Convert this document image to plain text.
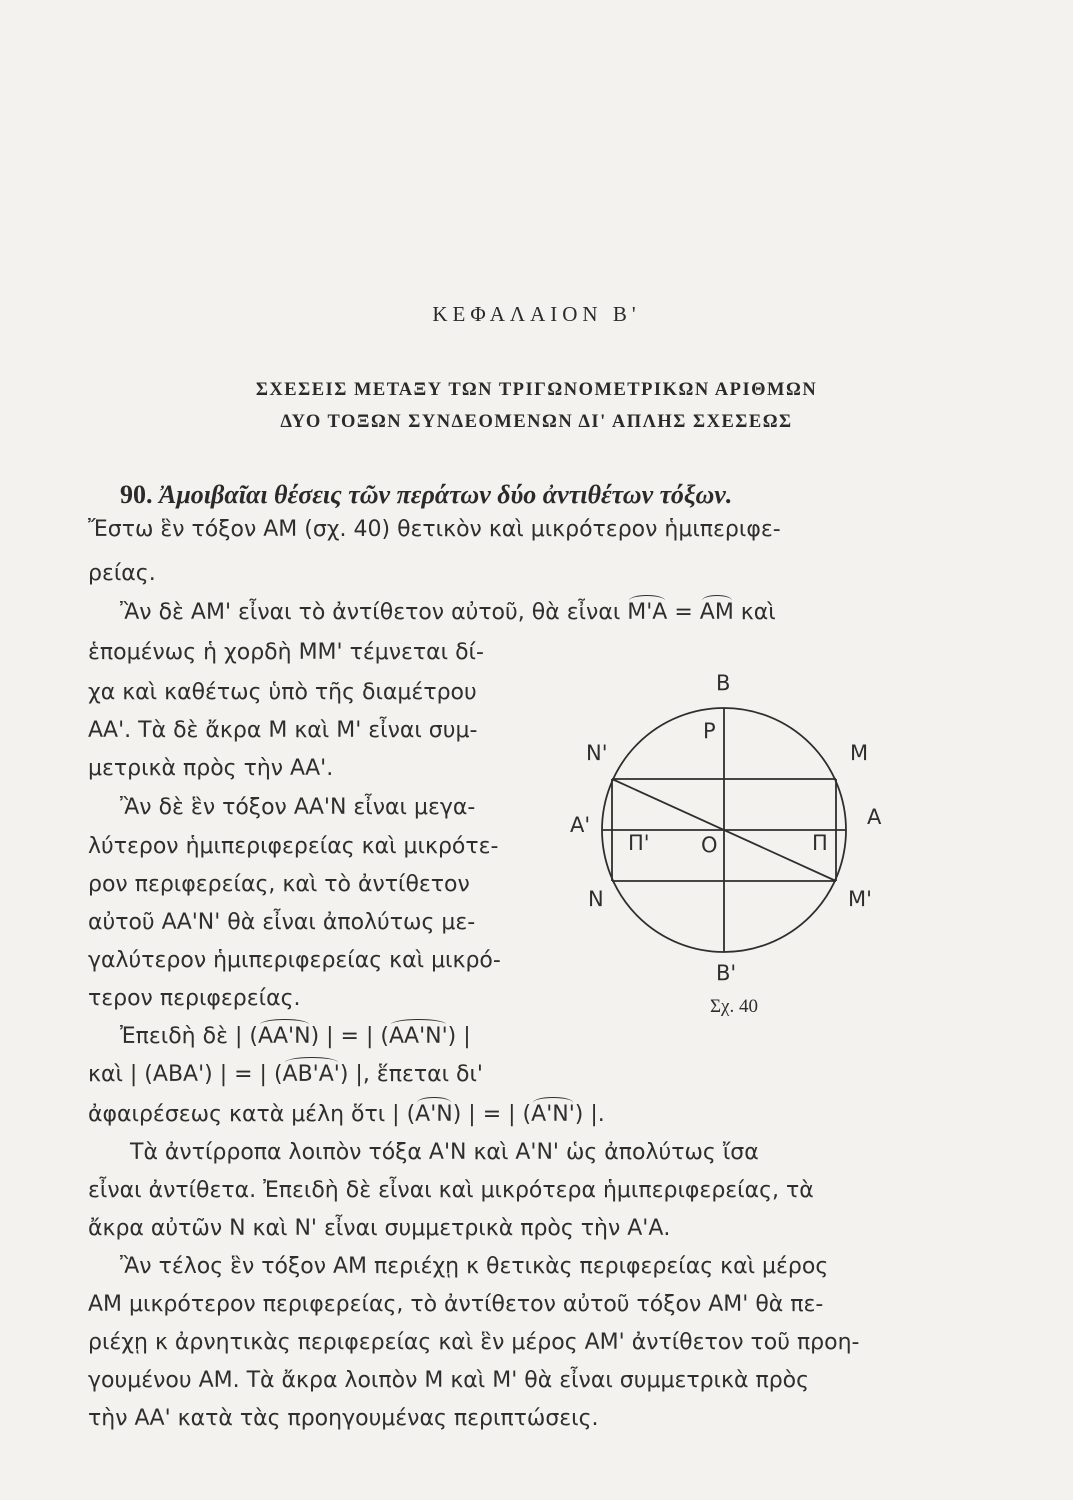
ΚΕΦΑΛΑΙΟΝ Β'
ΣΧΕΣΕΙΣ ΜΕΤΑΞΥ ΤΩΝ ΤΡΙΓΩΝΟΜΕΤΡΙΚΩΝ ΑΡΙΘΜΩΝ
ΔΥΟ ΤΟΞΩΝ ΣΥΝΔΕΟΜΕΝΩΝ ΔΙ' ΑΠΛΗΣ ΣΧΕΣΕΩΣ
90. Ἀμοιβαῖαι θέσεις τῶν περάτων δύο ἀντιθέτων τόξων.
Ἔστω ἓν τόξον ΑΜ (σχ. 40) θετικὸν καὶ μικρότερον ἡμιπεριφε-
ρείας.
Ἂν δὲ ΑΜ' εἶναι τὸ ἀντίθετον αὐτοῦ, θὰ εἶναι Μ'Α = ΑΜ καὶ
ἑπομένως ἡ χορδὴ ΜΜ' τέμνεται δί-
χα καὶ καθέτως ὑπὸ τῆς διαμέτρου
ΑΑ'. Τὰ δὲ ἄκρα Μ καὶ Μ' εἶναι συμ-
μετρικὰ πρὸς τὴν ΑΑ'.
Ἂν δὲ ἓν τόξον ΑΑ'Ν εἶναι μεγα-
λύτερον ἡμιπεριφερείας καὶ μικρότε-
ρον περιφερείας, καὶ τὸ ἀντίθετον
αὐτοῦ ΑΑ'Ν' θὰ εἶναι ἀπολύτως με-
γαλύτερον ἡμιπεριφερείας καὶ μικρό-
τερον περιφερείας.
Ἐπειδὴ δὲ | (ΑΑ'Ν) | = | (ΑΑ'Ν') |
καὶ | (ΑΒΑ') | = | (ΑΒ'Α') |, ἕπεται δι'
ἀφαιρέσεως κατὰ μέλη ὅτι | (Α'Ν) | = | (Α'Ν') |.
Τὰ ἀντίρροπα λοιπὸν τόξα Α'Ν καὶ Α'Ν' ὡς ἀπολύτως ἴσα
εἶναι ἀντίθετα. Ἐπειδὴ δὲ εἶναι καὶ μικρότερα ἡμιπεριφερείας, τὰ
ἄκρα αὐτῶν Ν καὶ Ν' εἶναι συμμετρικὰ πρὸς τὴν Α'Α.
Ἂν τέλος ἓν τόξον ΑΜ περιέχῃ κ θετικὰς περιφερείας καὶ μέρος
ΑΜ μικρότερον περιφερείας, τὸ ἀντίθετον αὐτοῦ τόξον ΑΜ' θὰ πε-
ριέχῃ κ ἀρνητικὰς περιφερείας καὶ ἓν μέρος ΑΜ' ἀντίθετον τοῦ προη-
γουμένου ΑΜ. Τὰ ἄκρα λοιπὸν Μ καὶ Μ' θὰ εἶναι συμμετρικὰ πρὸς
τὴν ΑΑ' κατὰ τὰς προηγουμένας περιπτώσεις.
Β
Ρ
Ν'	Μ
Α'
Π' Ο	Π
Α
Ν	Μ'
Β'
Σχ. 40
